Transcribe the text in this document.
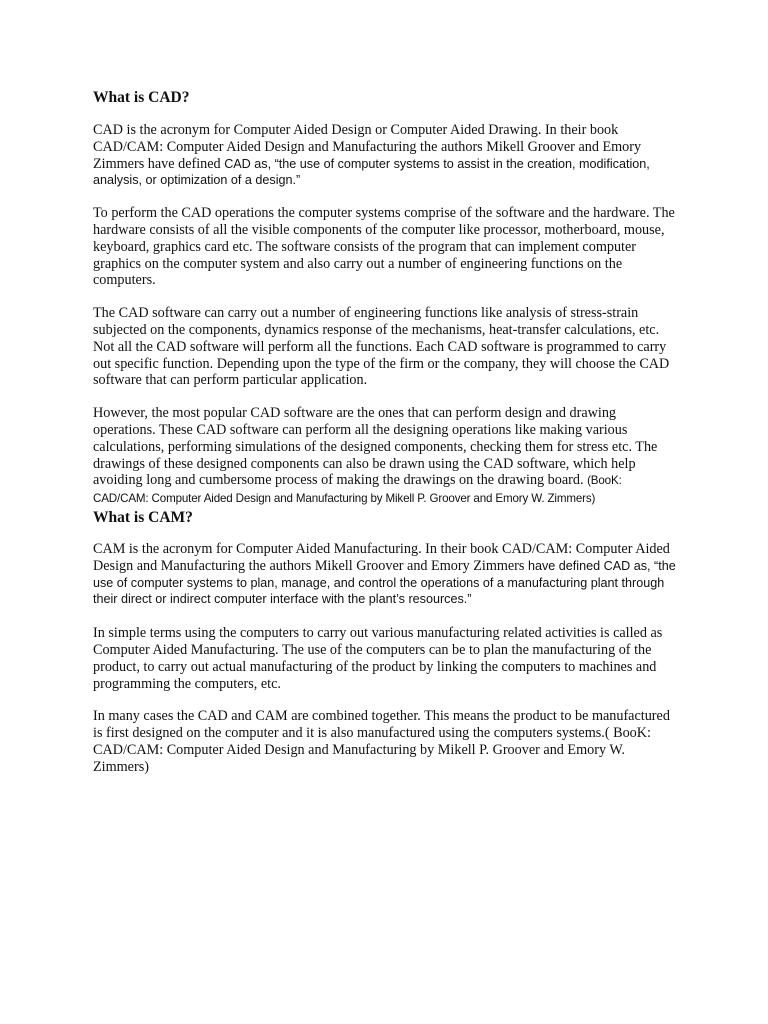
What is CAD?

CAD is the acronym for Computer Aided Design or Computer Aided Drawing. In their book CAD/CAM: Computer Aided Design and Manufacturing the authors Mikell Groover and Emory Zimmers have defined CAD as, “the use of computer systems to assist in the creation, modification, analysis, or optimization of a design.”

To perform the CAD operations the computer systems comprise of the software and the hardware. The hardware consists of all the visible components of the computer like processor, motherboard, mouse, keyboard, graphics card etc. The software consists of the program that can implement computer graphics on the computer system and also carry out a number of engineering functions on the computers.

The CAD software can carry out a number of engineering functions like analysis of stress-strain subjected on the components, dynamics response of the mechanisms, heat-transfer calculations, etc. Not all the CAD software will perform all the functions. Each CAD software is programmed to carry out specific function. Depending upon the type of the firm or the company, they will choose the CAD software that can perform particular application.

However, the most popular CAD software are the ones that can perform design and drawing operations. These CAD software can perform all the designing operations like making various calculations, performing simulations of the designed components, checking them for stress etc. The drawings of these designed components can also be drawn using the CAD software, which help avoiding long and cumbersome process of making the drawings on the drawing board. (BooK: CAD/CAM: Computer Aided Design and Manufacturing by Mikell P. Groover and Emory W. Zimmers)

What is CAM?

CAM is the acronym for Computer Aided Manufacturing. In their book CAD/CAM: Computer Aided Design and Manufacturing the authors Mikell Groover and Emory Zimmers have defined CAD as, “the use of computer systems to plan, manage, and control the operations of a manufacturing plant through their direct or indirect computer interface with the plant’s resources.”

In simple terms using the computers to carry out various manufacturing related activities is called as Computer Aided Manufacturing. The use of the computers can be to plan the manufacturing of the product, to carry out actual manufacturing of the product by linking the computers to machines and programming the computers, etc.

In many cases the CAD and CAM are combined together. This means the product to be manufactured is first designed on the computer and it is also manufactured using the computers systems.( BooK: CAD/CAM: Computer Aided Design and Manufacturing by Mikell P. Groover and Emory W. Zimmers)
